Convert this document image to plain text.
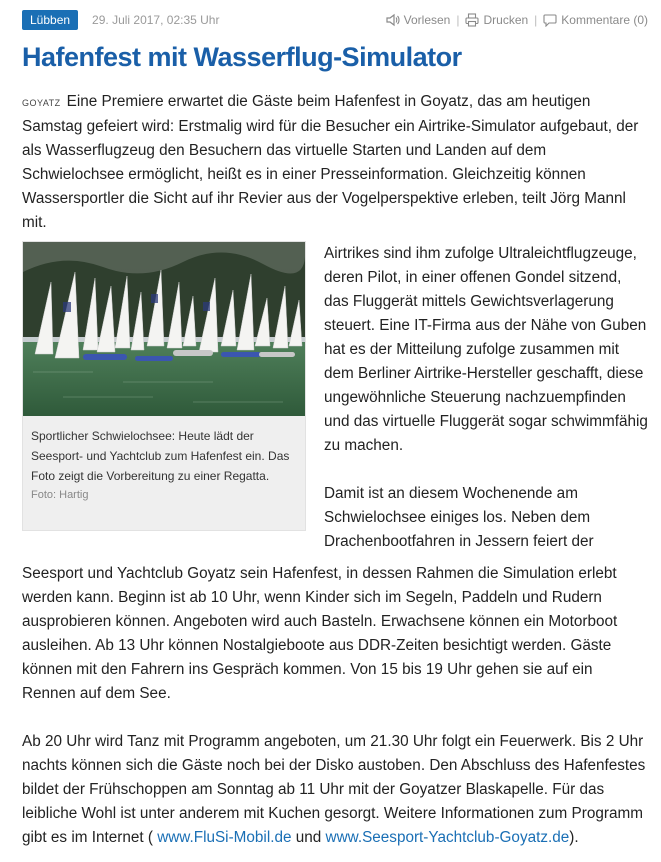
Lübben	29. Juli 2017, 02:35 Uhr	Vorlesen | Drucken | Kommentare (0)
Hafenfest mit Wasserflug-Simulator

GOYATZ Eine Premiere erwartet die Gäste beim Hafenfest in Goyatz, das am heutigen Samstag gefeiert wird: Erstmalig wird für die Besucher ein Airtrike-Simulator aufgebaut, der als Wasserflugzeug den Besuchern das virtuelle Starten und Landen auf dem Schwielochsee ermöglicht, heißt es in einer Presseinformation. Gleichzeitig können Wassersportler die Sicht auf ihr Revier aus der Vogelperspektive erleben, teilt Jörg Mannl mit.

Sportlicher Schwielochsee: Heute lädt der Seesport- und Yachtclub zum Hafenfest ein. Das Foto zeigt die Vorbereitung zu einer Regatta.

Foto: Hartig

Airtrikes sind ihm zufolge Ultraleichtflugzeuge, deren Pilot, in einer offenen Gondel sitzend, das Fluggerät mittels Gewichtsverlagerung steuert. Eine IT-Firma aus der Nähe von Guben hat es der Mitteilung zufolge zusammen mit dem Berliner Airtrike-Hersteller geschafft, diese ungewöhnliche Steuerung nachzuempfinden und das virtuelle Fluggerät sogar schwimmfähig zu machen.

Damit ist an diesem Wochenende am Schwielochsee einiges los. Neben dem Drachenbootfahren in Jessern feiert der

Seesport und Yachtclub Goyatz sein Hafenfest, in dessen Rahmen die Simulation erlebt werden kann. Beginn ist ab 10 Uhr, wenn Kinder sich im Segeln, Paddeln und Rudern ausprobieren können. Angeboten wird auch Basteln. Erwachsene können ein Motorboot ausleihen. Ab 13 Uhr können Nostalgieboote aus DDR-Zeiten besichtigt werden. Gäste können mit den Fahrern ins Gespräch kommen. Von 15 bis 19 Uhr gehen sie auf ein Rennen auf dem See.

Ab 20 Uhr wird Tanz mit Programm angeboten, um 21.30 Uhr folgt ein Feuerwerk. Bis 2 Uhr nachts können sich die Gäste noch bei der Disko austoben. Den Abschluss des Hafenfestes bildet der Frühschoppen am Sonntag ab 11 Uhr mit der Goyatzer Blaskapelle. Für das leibliche Wohl ist unter anderem mit Kuchen gesorgt. Weitere Informationen zum Programm gibt es im Internet ( www.FluSi-Mobil.de und www.Seesport-Yachtclub-Goyatz.de).
